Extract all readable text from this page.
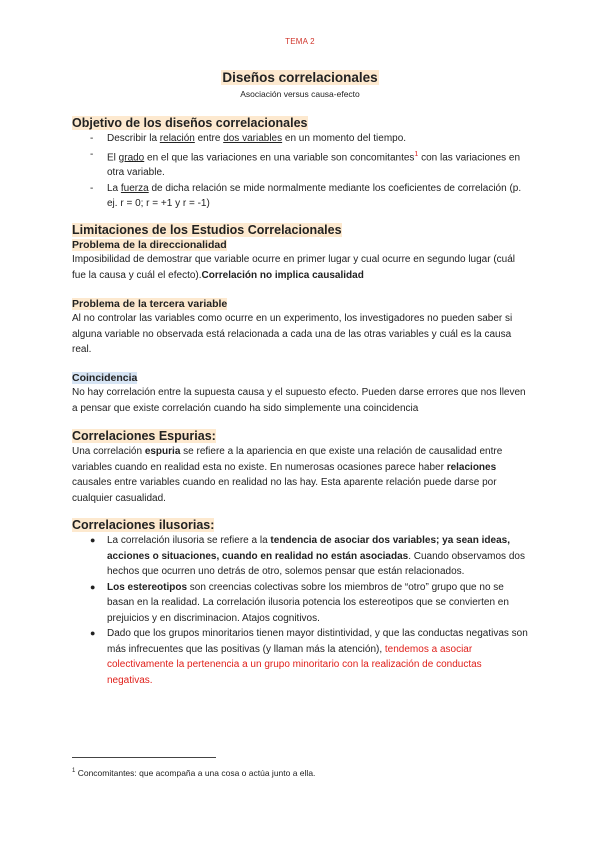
TEMA 2
Diseños correlacionales
Asociación versus causa-efecto
Objetivo de los diseños correlacionales
- Describir la relación entre dos variables en un momento del tiempo.
- El grado en el que las variaciones en una variable son concomitantes$^1$ con las variaciones en otra variable.
- La fuerza de dicha relación se mide normalmente mediante los coeficientes de correlación (p. ej. r = 0; r = +1 y r = -1)
Limitaciones de los Estudios Correlacionales
Problema de la direccionalidad
Imposibilidad de demostrar que variable ocurre en primer lugar y cual ocurre en segundo lugar (cuál fue la causa y cuál el efecto).Correlación no implica causalidad
Problema de la tercera variable
Al no controlar las variables como ocurre en un experimento, los investigadores no pueden saber si alguna variable no observada está relacionada a cada una de las otras variables y cuál es la causa real.
Coincidencia
No hay correlación entre la supuesta causa y el supuesto efecto. Pueden darse errores que nos lleven a pensar que existe correlación cuando ha sido simplemente una coincidencia
Correlaciones Espurias:
Una correlación espuria se refiere a la apariencia en que existe una relación de causalidad entre variables cuando en realidad esta no existe. En numerosas ocasiones parece haber relaciones causales entre variables cuando en realidad no las hay. Esta aparente relación puede darse por cualquier casualidad.
Correlaciones ilusorias:
● La correlación ilusoria se refiere a la tendencia de asociar dos variables; ya sean ideas, acciones o situaciones, cuando en realidad no están asociadas. Cuando observamos dos hechos que ocurren uno detrás de otro, solemos pensar que están relacionados.
● Los estereotipos son creencias colectivas sobre los miembros de “otro” grupo que no se basan en la realidad. La correlación ilusoria potencia los estereotipos que se convierten en prejuicios y en discriminacion. Atajos cognitivos.
● Dado que los grupos minoritarios tienen mayor distintividad, y que las conductas negativas son más infrecuentes que las positivas (y llaman más la atención), tendemos a asociar colectivamente la pertenencia a un grupo minoritario con la realización de conductas negativas.
$^1$ Concomitantes: que acompaña a una cosa o actúa junto a ella.
